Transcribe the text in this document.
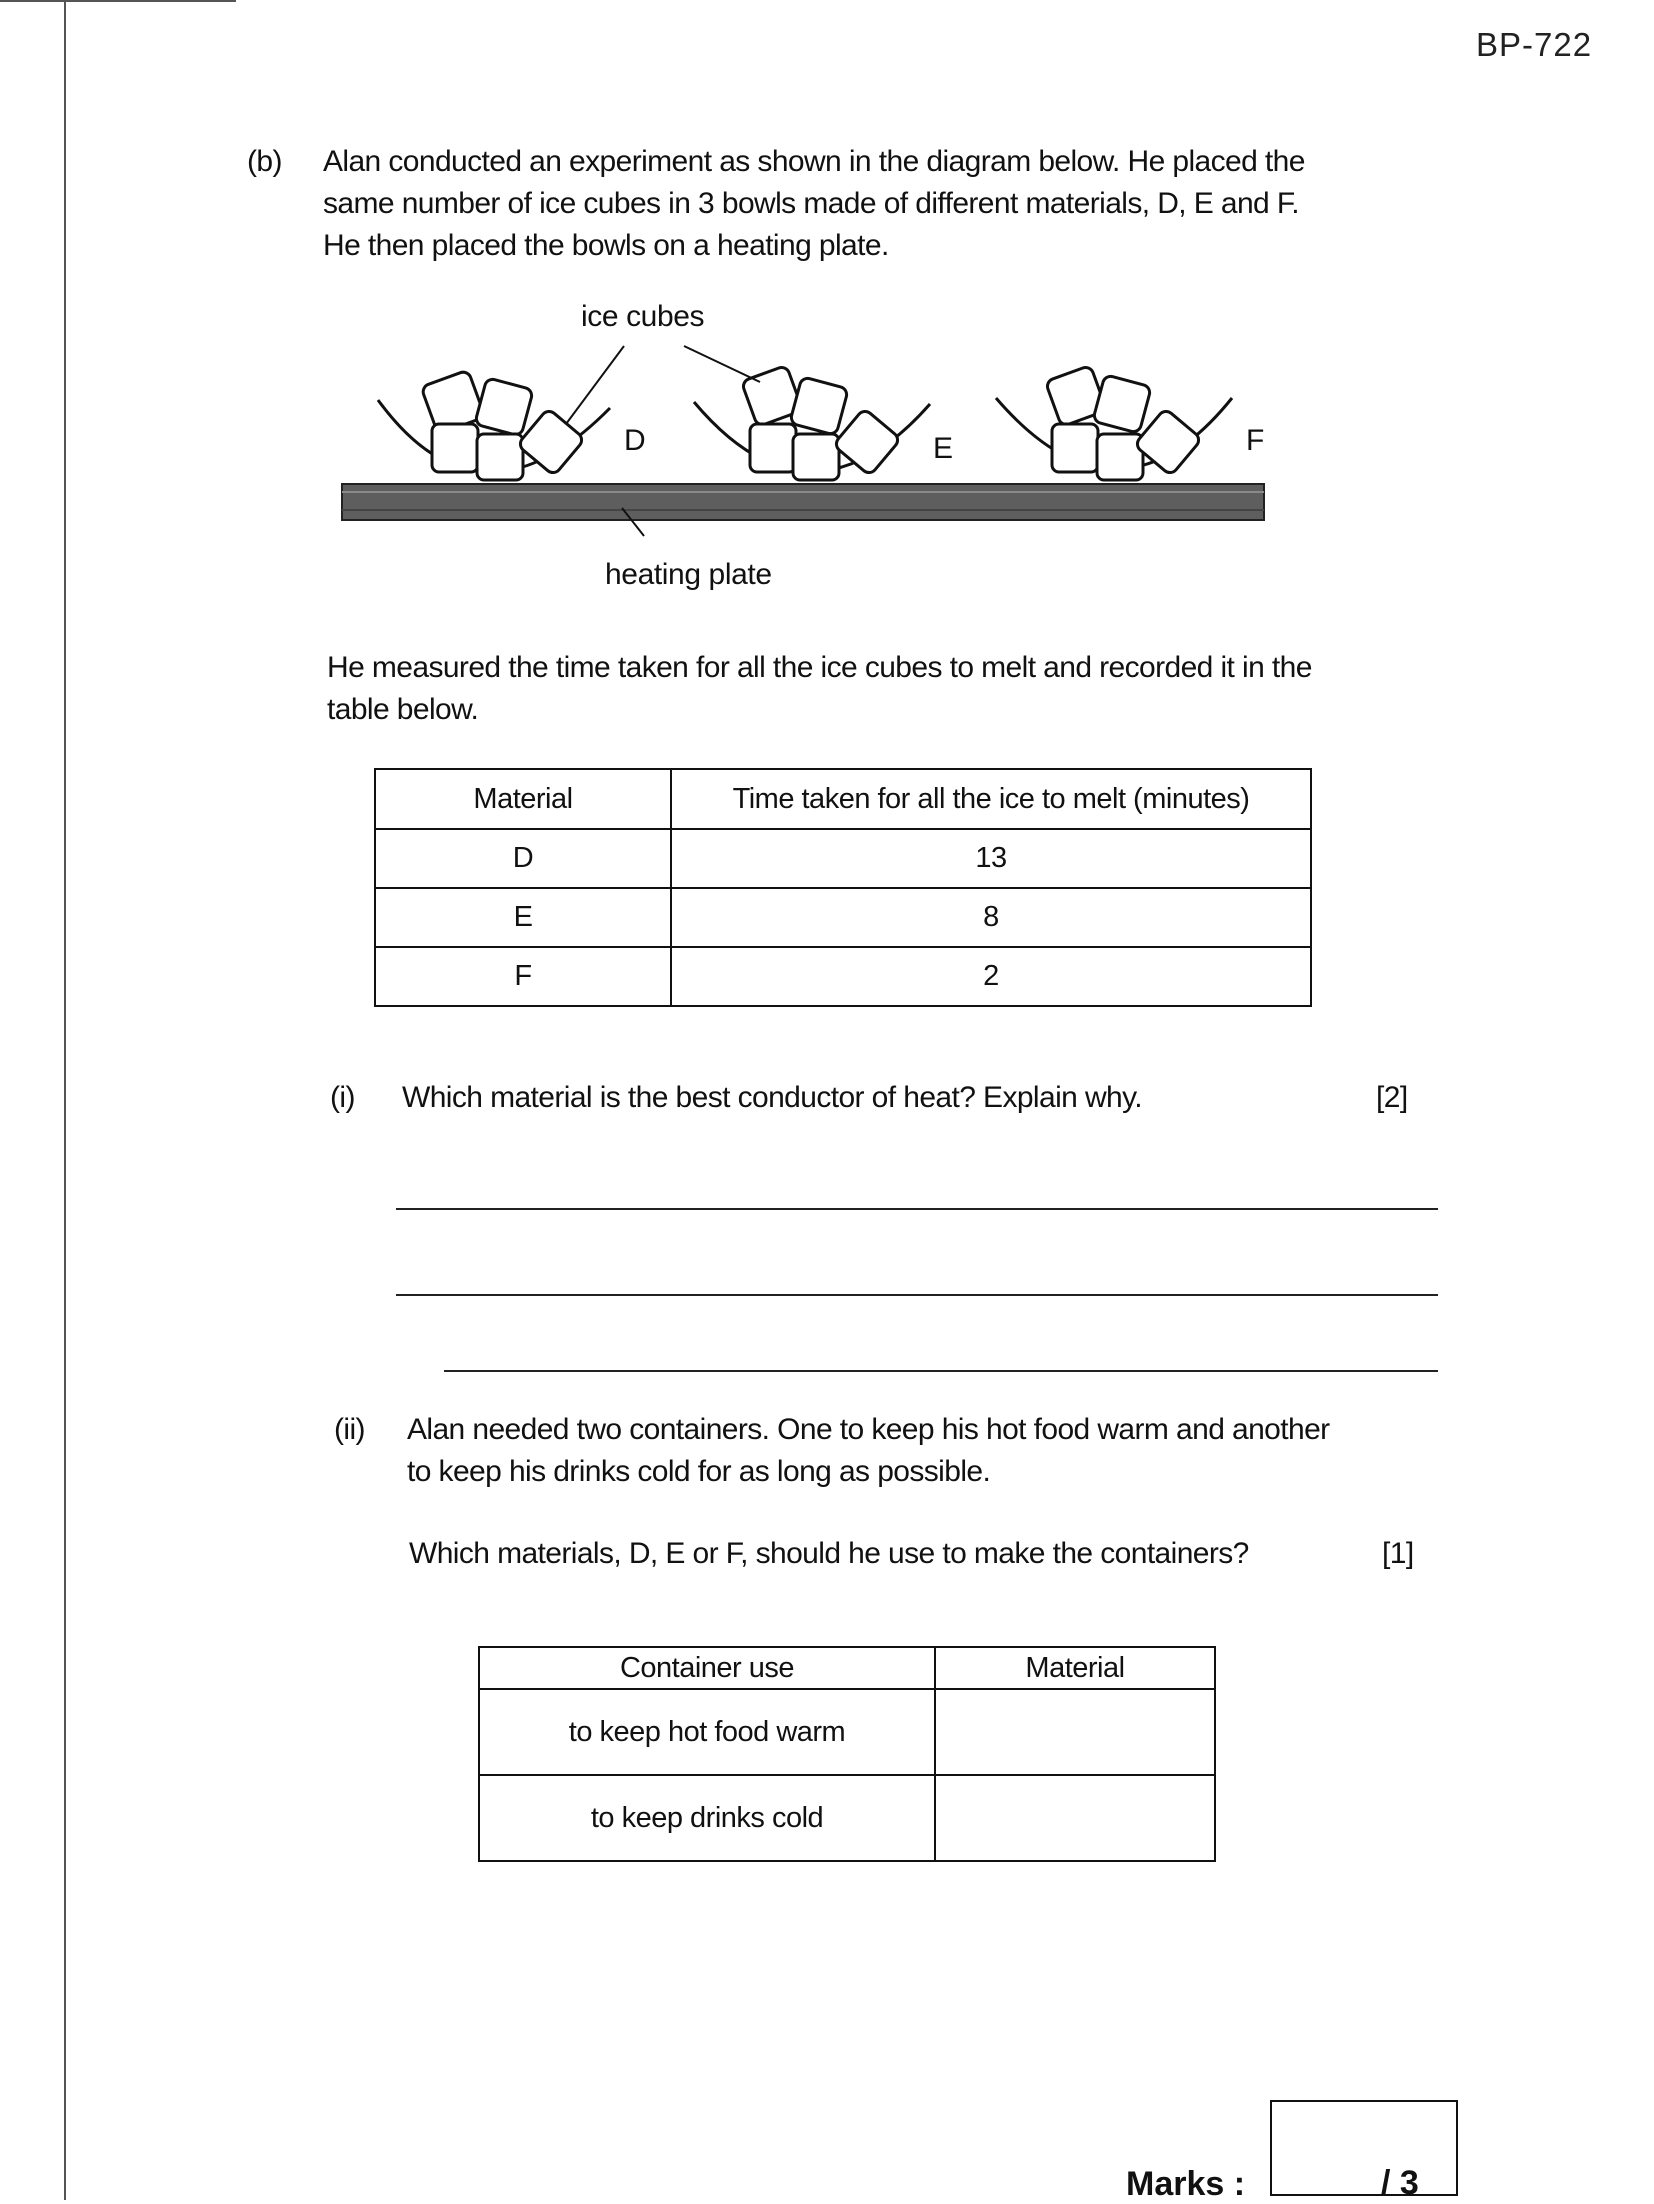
BP-722
(b) Alan conducted an experiment as shown in the diagram below. He placed the
same number of ice cubes in 3 bowls made of different materials, D, E and F.
He then placed the bowls on a heating plate.
D	E	F
ice cubes
heating plate
He measured the time taken for all the ice cubes to melt and recorded it in the
table below.
Material	Time taken for all the ice to melt (minutes)
D	13
E	8
F	2
(i) Which material is the best conductor of heat? Explain why.	[2]
(ii) Alan needed two containers. One to keep his hot food warm and another
to keep his drinks cold for as long as possible.
Which materials, D, E or F, should he use to make the containers?	[1]
Container use	Material
to keep hot food warm	
to keep drinks cold	
Marks :	/ 3
